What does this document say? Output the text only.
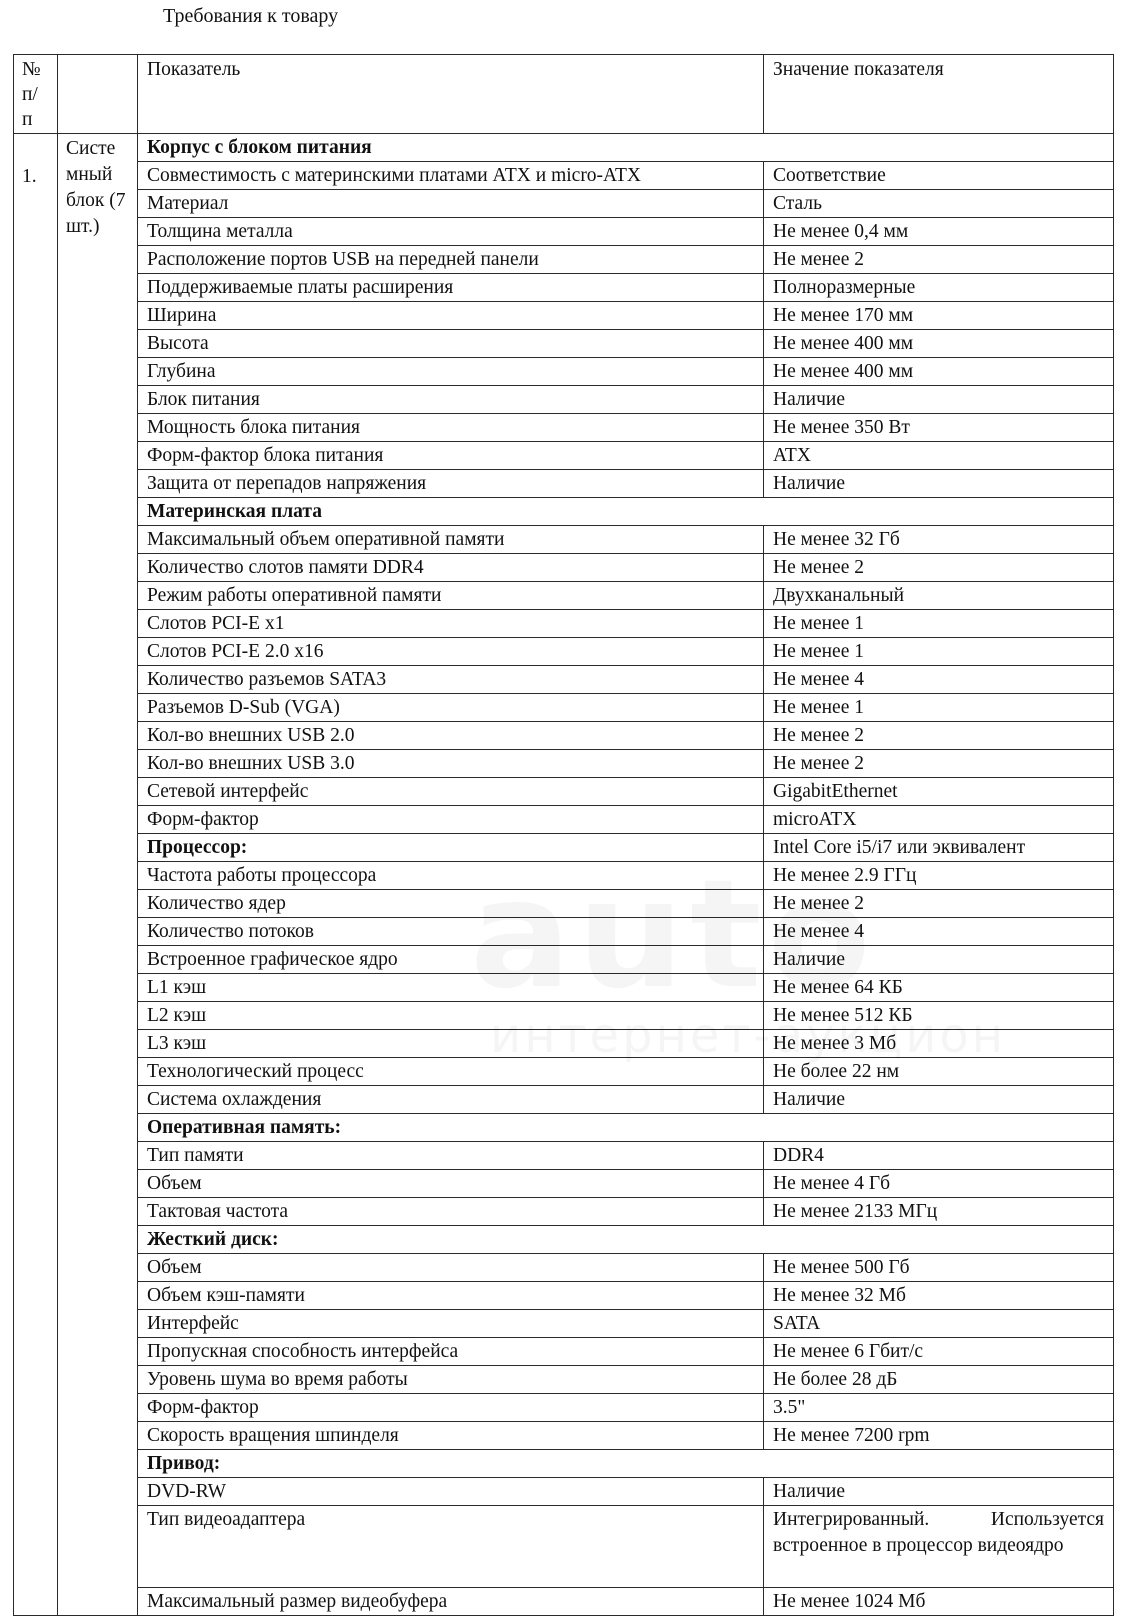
Требования к товару
№ п/ п		Показатель	Значение показателя
1.	Систе мный блок (7 шт.)	Корпус с блоком питания	
		Совместимость с материнскими платами АТХ и micro-ATX	Соответствие
		Материал	Сталь
		Толщина металла	Не менее 0,4 мм
		Расположение портов USB на передней панели	Не менее 2
		Поддерживаемые платы расширения	Полноразмерные
		Ширина	Не менее 170 мм
		Высота	Не менее 400 мм
		Глубина	Не менее 400 мм
		Блок питания	Наличие
		Мощность блока питания	Не менее 350 Вт
		Форм-фактор блока питания	ATX
		Защита от перепадов напряжения	Наличие
		Материнская плата	
		Максимальный объем оперативной памяти	Не менее 32 Гб
		Количество слотов памяти DDR4	Не менее 2
		Режим работы оперативной памяти	Двухканальный
		Слотов PCI-E x1	Не менее 1
		Слотов PCI-E 2.0 x16	Не менее 1
		Количество разъемов SATA3	Не менее 4
		Разъемов D-Sub (VGA)	Не менее 1
		Кол-во внешних USB 2.0	Не менее 2
		Кол-во внешних USB 3.0	Не менее 2
		Сетевой интерфейс	GigabitEthernet
		Форм-фактор	microATX
		Процессор:	Intel Core i5/i7 или эквивалент
		Частота работы процессора	Не менее 2.9 ГГц
		Количество ядер	Не менее 2
		Количество потоков	Не менее 4
		Встроенное графическое ядро	Наличие
		L1 кэш	Не менее 64 КБ
		L2 кэш	Не менее 512 КБ
		L3 кэш	Не менее 3 Мб
		Технологический процесс	Не более 22 нм
		Система охлаждения	Наличие
		Оперативная память:	
		Тип памяти	DDR4
		Объем	Не менее 4 Гб
		Тактовая частота	Не менее 2133 МГц
		Жесткий диск:	
		Объем	Не менее 500 Гб
		Объем кэш-памяти	Не менее 32 Мб
		Интерфейс	SATA
		Пропускная способность интерфейса	Не менее 6 Гбит/с
		Уровень шума во время работы	Не более 28 дБ
		Форм-фактор	3.5"
		Скорость вращения шпинделя	Не менее 7200 rpm
		Привод:	
		DVD-RW	Наличие
		Тип видеоадаптера	Интегрированный. Используется встроенное в процессор видеоядро

		Максимальный размер видеобуфера	Не менее 1024 Мб
